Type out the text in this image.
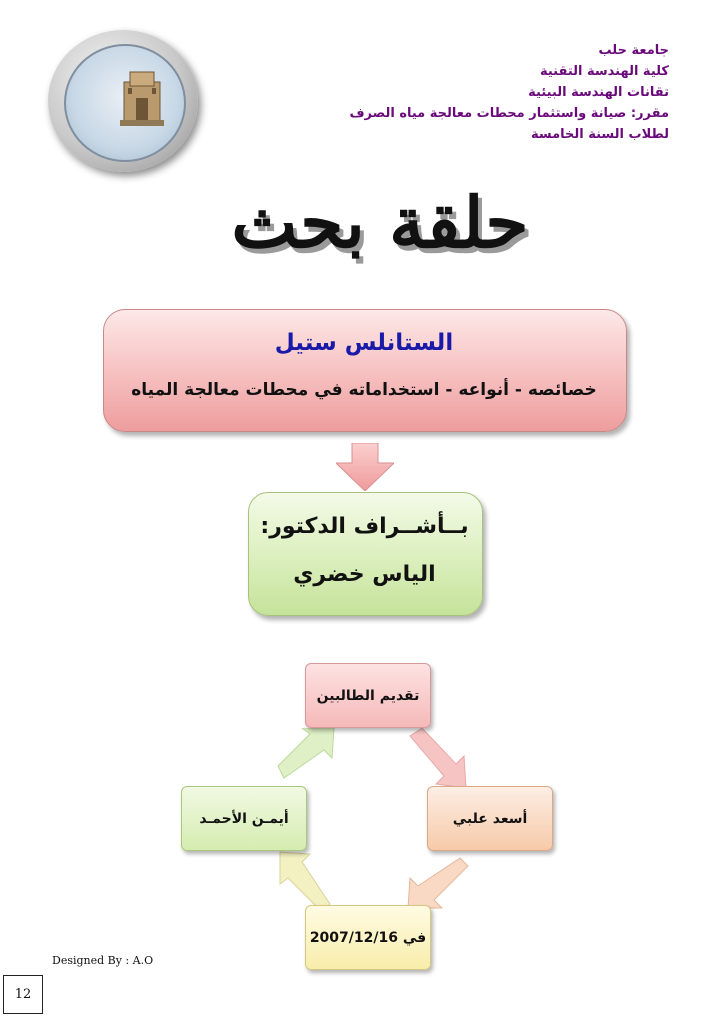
جامعة حلب
كلية الهندسة التقنية
تقانات الهندسة البيئية
مقرر: صيانة واستثمار محطات معالجة مياه الصرف
لطلاب السنة الخامسة
حلقة بحث
الستانلس ستيل
خصائصه - أنواعه - استخداماته في محطات معالجة المياه
بــأشــراف الدكتور:
الياس خضري
تقديم الطالبين
أيمـن الأحمـد	أسعد علبي
في 2007/12/16
Designed By : A.O
12
